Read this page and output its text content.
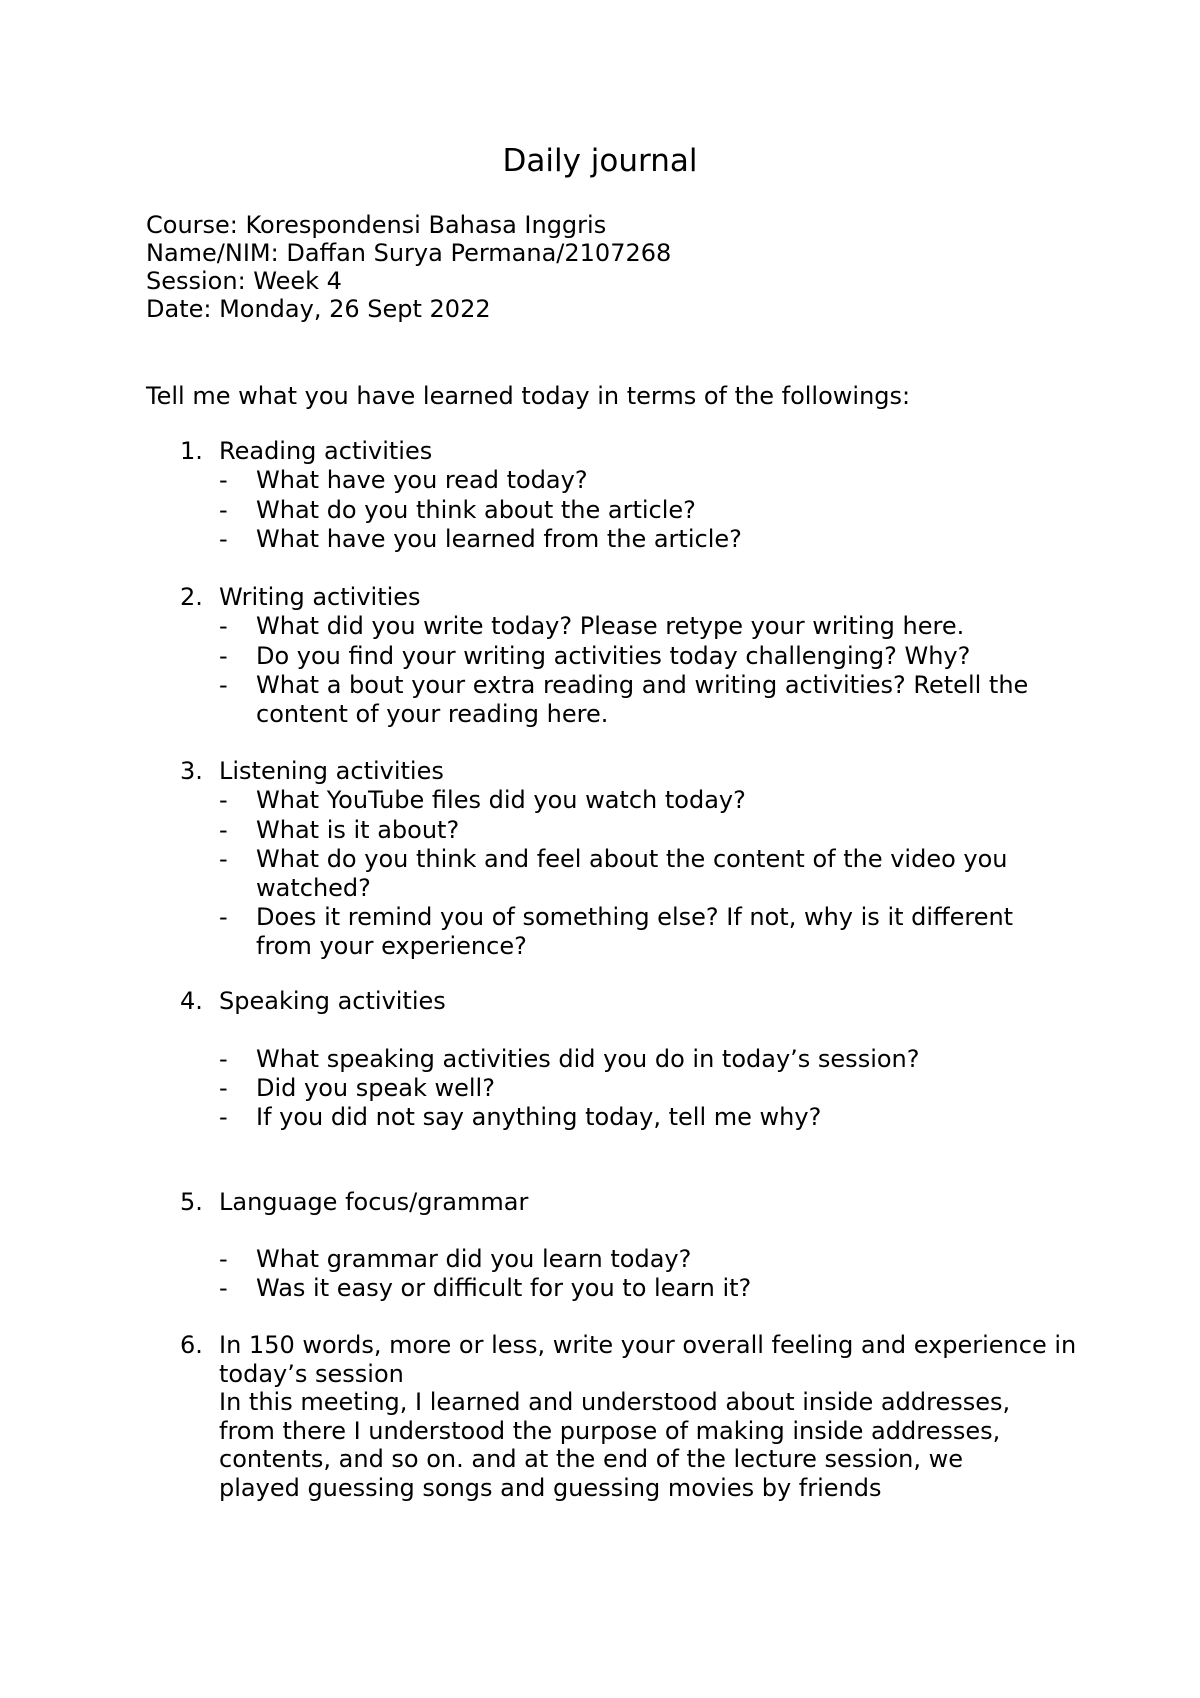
Daily journal
Course: Korespondensi Bahasa Inggris
Name/NIM: Daffan Surya Permana/2107268
Session: Week 4
Date: Monday, 26 Sept 2022
Tell me what you have learned today in terms of the followings:
1. Reading activities
- What have you read today?
- What do you think about the article?
- What have you learned from the article?
2. Writing activities
- What did you write today? Please retype your writing here.
- Do you find your writing activities today challenging? Why?
- What a bout your extra reading and writing activities? Retell the content of your reading here.
3. Listening activities
- What YouTube files did you watch today?
- What is it about?
- What do you think and feel about the content of the video you watched?
- Does it remind you of something else? If not, why is it different from your experience?
4. Speaking activities
- What speaking activities did you do in today’s session?
- Did you speak well?
- If you did not say anything today, tell me why?
5. Language focus/grammar
- What grammar did you learn today?
- Was it easy or difficult for you to learn it?
6. In 150 words, more or less, write your overall feeling and experience in today’s session
In this meeting, I learned and understood about inside addresses, from there I understood the purpose of making inside addresses, contents, and so on. and at the end of the lecture session, we played guessing songs and guessing movies by friends
